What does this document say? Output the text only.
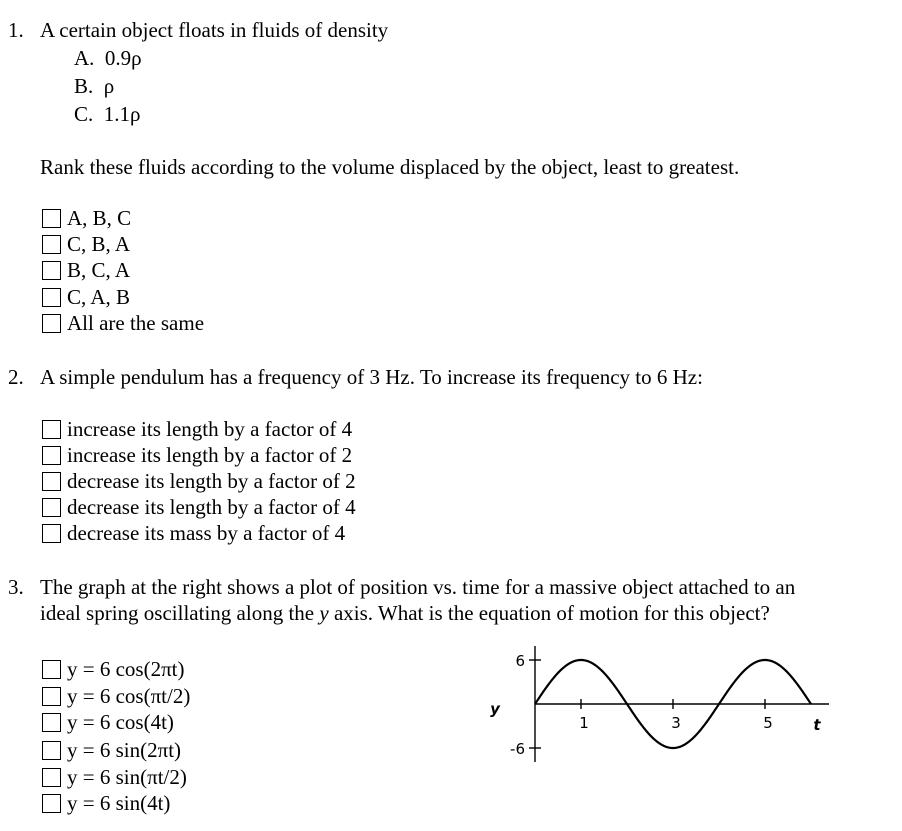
1. A certain object floats in fluids of density
A. 0.9ρ
B. ρ
C. 1.1ρ
Rank these fluids according to the volume displaced by the object, least to greatest.
A, B, C
C, B, A
B, C, A
C, A, B
All are the same
2. A simple pendulum has a frequency of 3 Hz. To increase its frequency to 6 Hz:
increase its length by a factor of 4
increase its length by a factor of 2
decrease its length by a factor of 2
decrease its length by a factor of 4
decrease its mass by a factor of 4
3. The graph at the right shows a plot of position vs. time for a massive object attached to an
ideal spring oscillating along the y axis. What is the equation of motion for this object?
y = 6 cos(2πt)
y = 6 cos(πt/2)
y = 6 cos(4t)
y = 6 sin(2πt)
y = 6 sin(πt/2)
y = 6 sin(4t)
y
t
6
-6
1	3	5
